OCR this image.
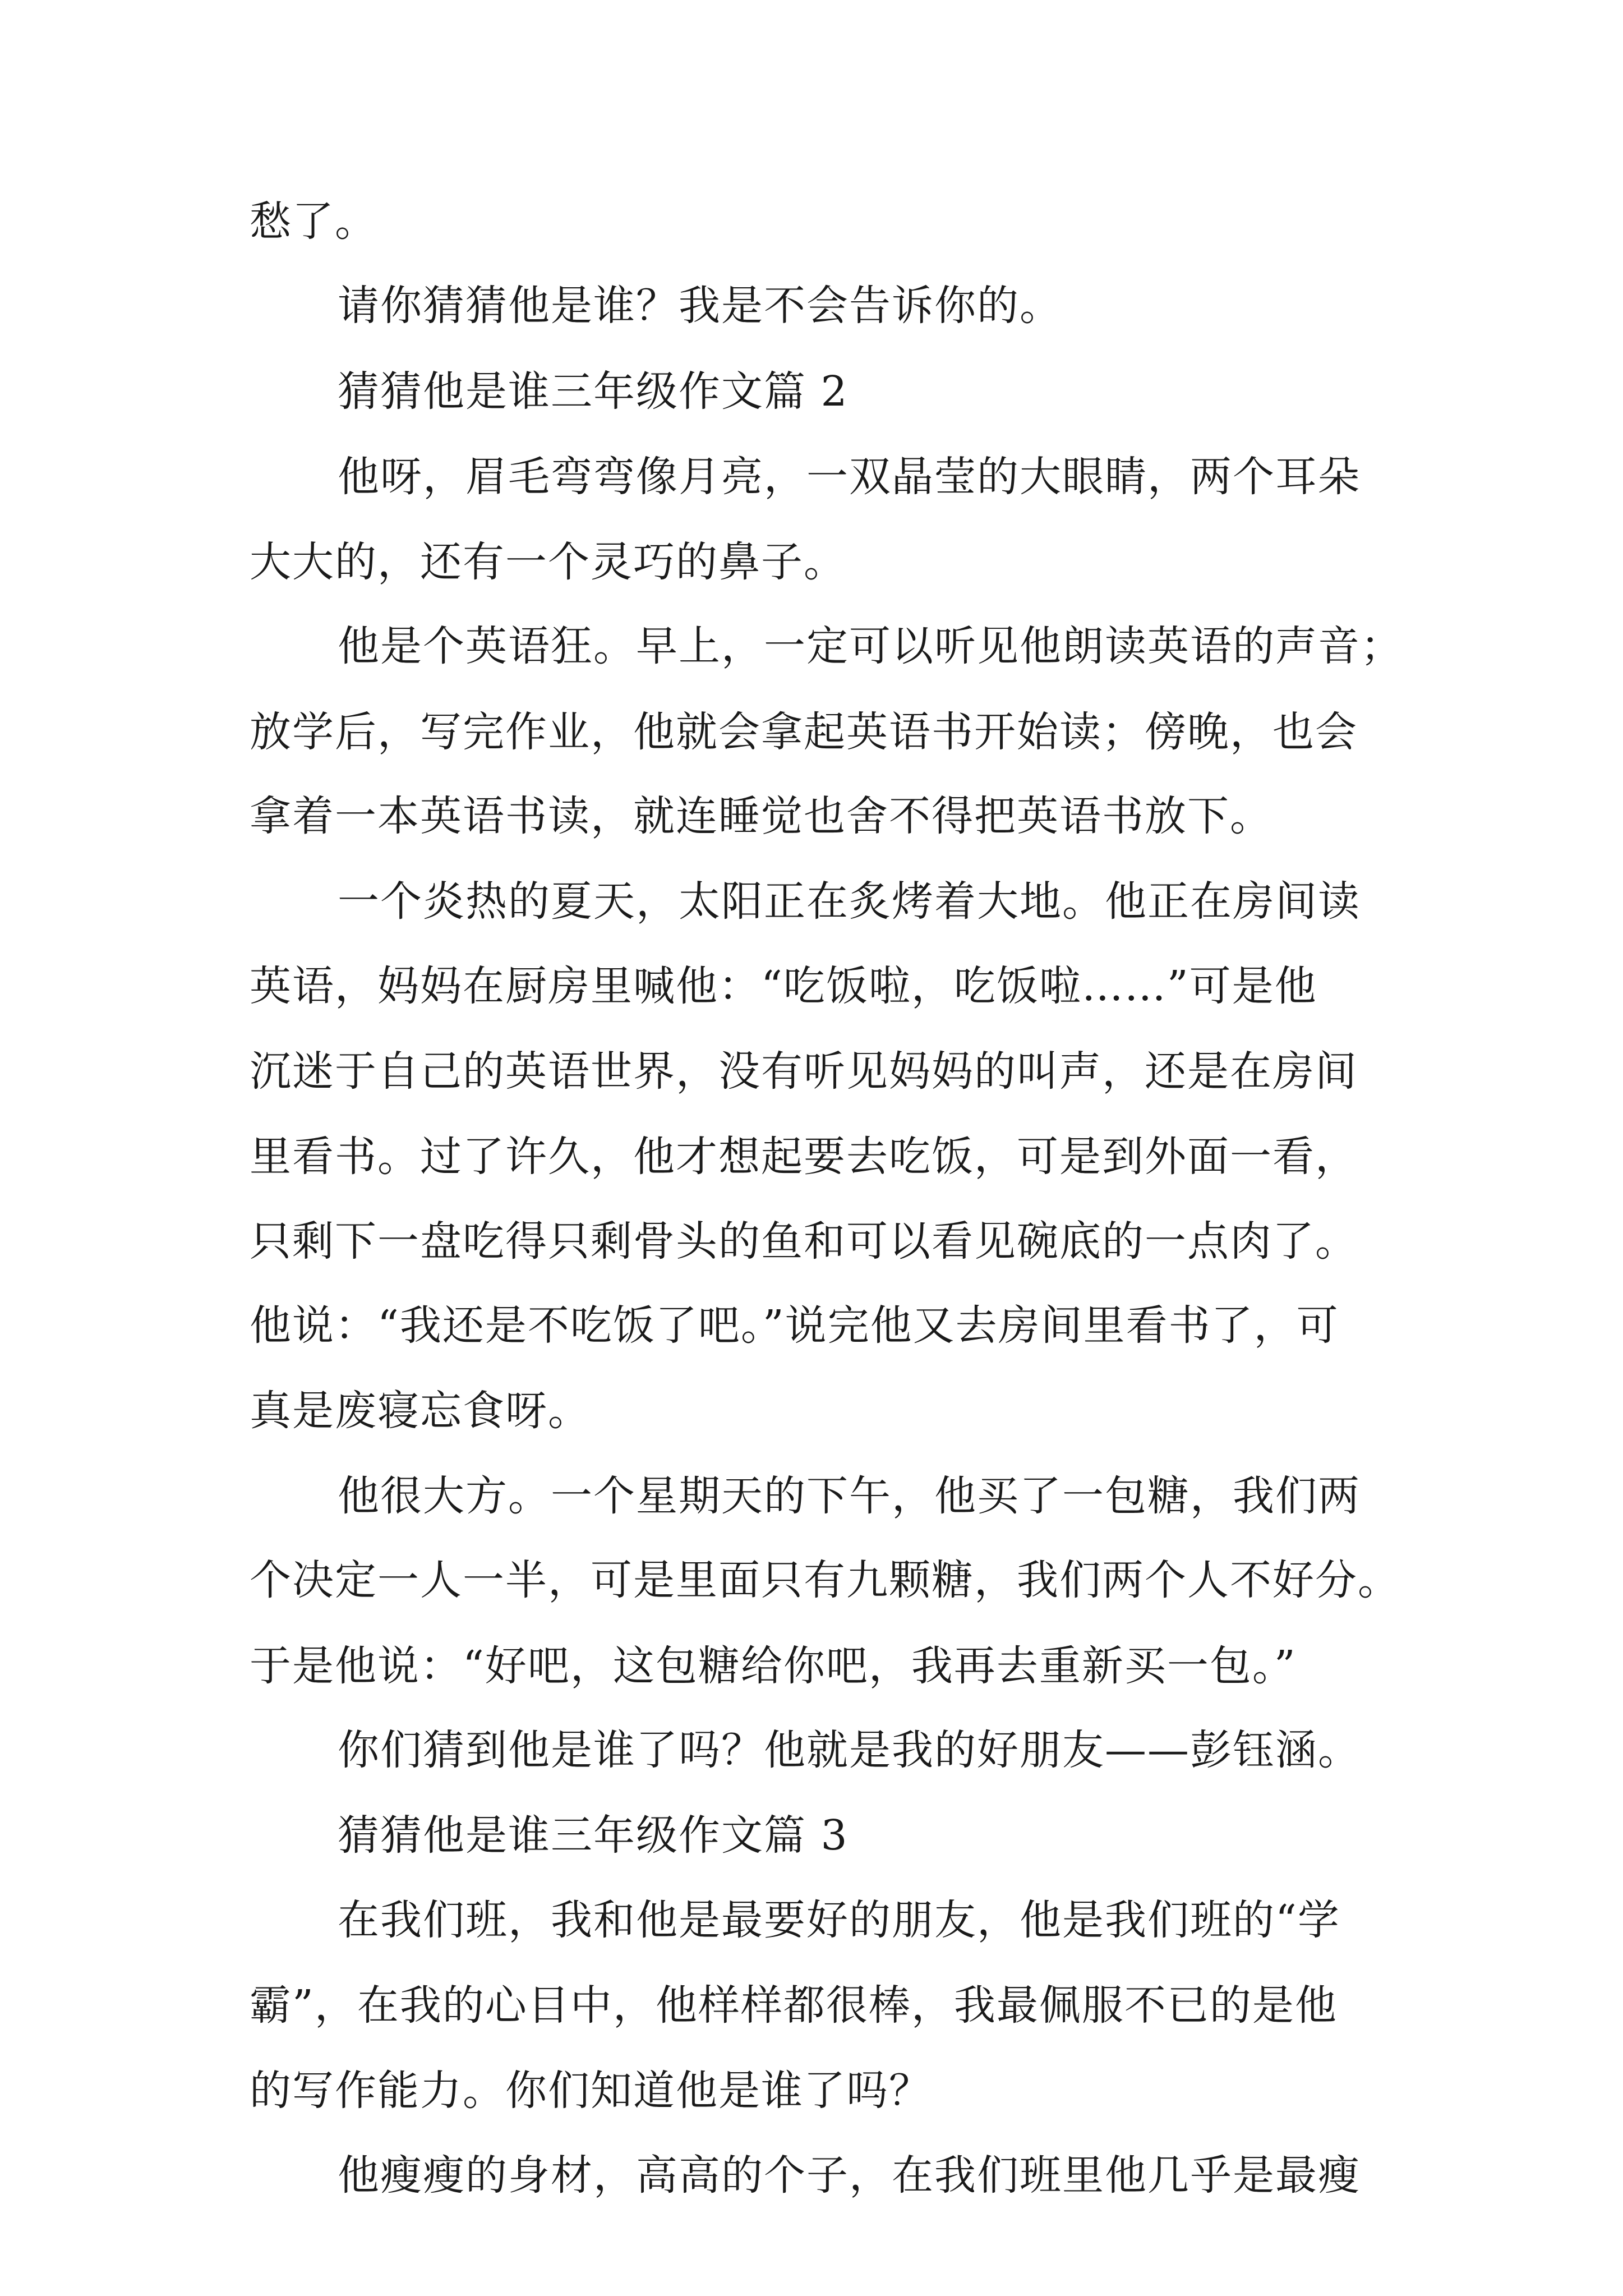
愁了。
请你猜猜他是谁？我是不会告诉你的。
猜猜他是谁三年级作文篇 2
他呀，眉毛弯弯像月亮，一双晶莹的大眼睛，两个耳朵
大大的，还有一个灵巧的鼻子。
他是个英语狂。早上，一定可以听见他朗读英语的声音；
放学后，写完作业，他就会拿起英语书开始读；傍晚，也会
拿着一本英语书读，就连睡觉也舍不得把英语书放下。
一个炎热的夏天，太阳正在炙烤着大地。他正在房间读
英语，妈妈在厨房里喊他：“吃饭啦，吃饭啦……”可是他
沉迷于自己的英语世界，没有听见妈妈的叫声，还是在房间
里看书。过了许久，他才想起要去吃饭，可是到外面一看，
只剩下一盘吃得只剩骨头的鱼和可以看见碗底的一点肉了。
他说：“我还是不吃饭了吧。”说完他又去房间里看书了，可
真是废寝忘食呀。
他很大方。一个星期天的下午，他买了一包糖，我们两
个决定一人一半，可是里面只有九颗糖，我们两个人不好分。
于是他说：“好吧，这包糖给你吧，我再去重新买一包。”
你们猜到他是谁了吗？他就是我的好朋友——彭钰涵。
猜猜他是谁三年级作文篇 3
在我们班，我和他是最要好的朋友，他是我们班的“学
霸”，在我的心目中，他样样都很棒，我最佩服不已的是他
的写作能力。你们知道他是谁了吗？
他瘦瘦的身材，高高的个子，在我们班里他几乎是最瘦
